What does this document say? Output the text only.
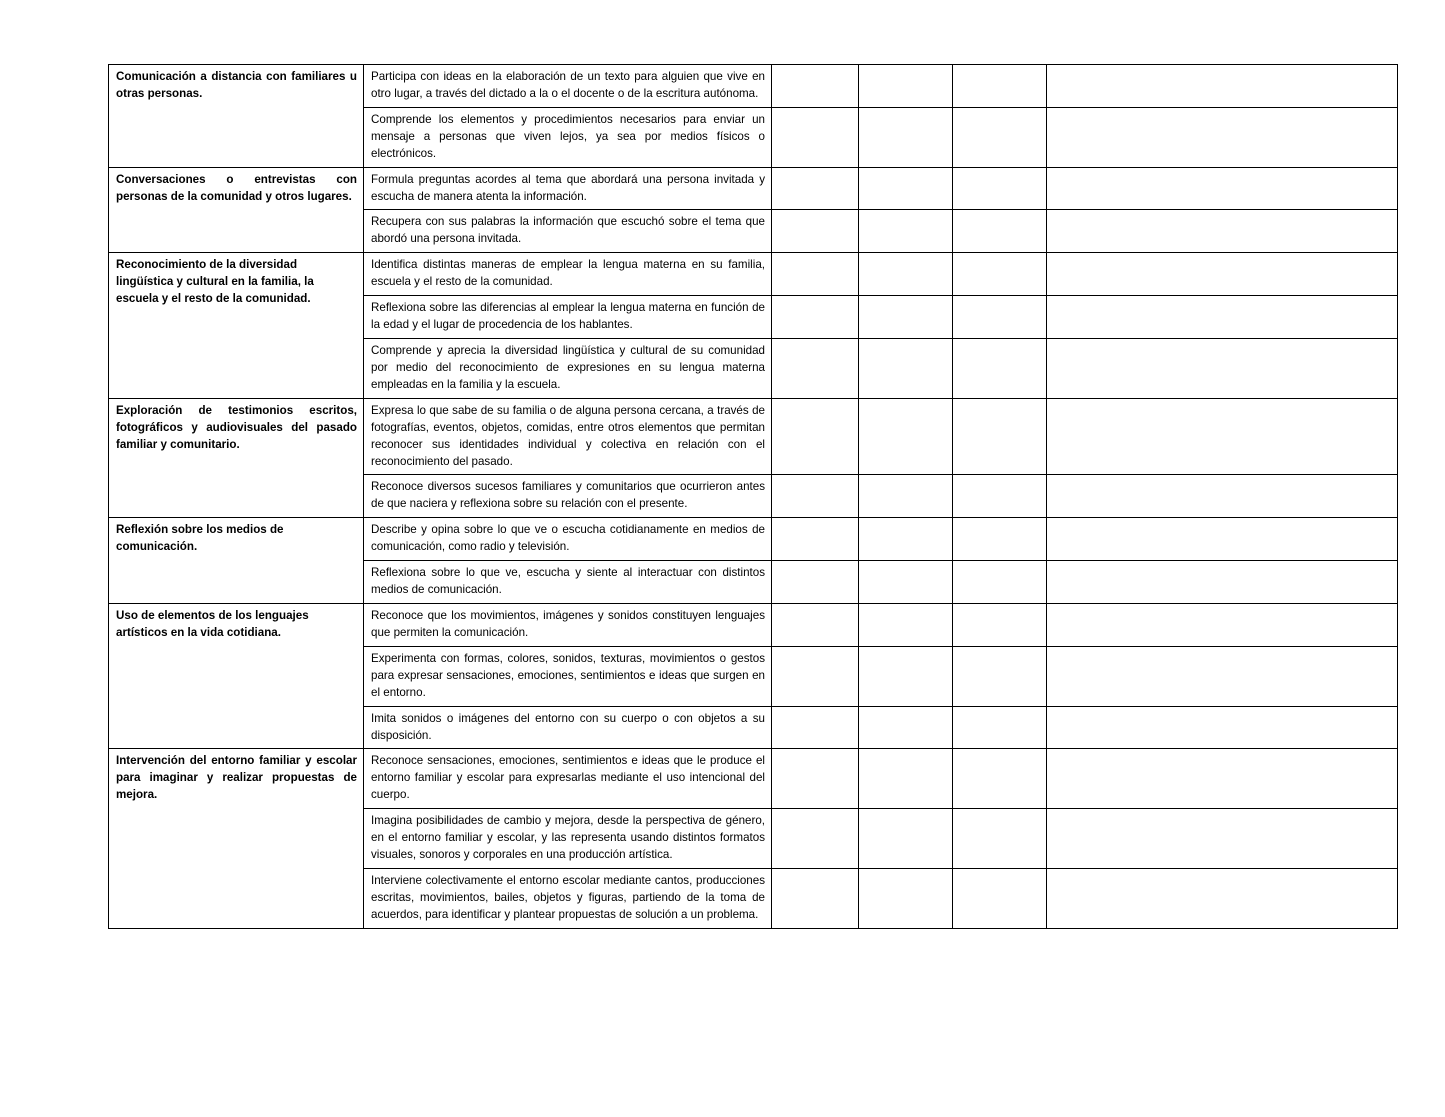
Comunicación a distancia con familiares u otras personas.	Participa con ideas en la elaboración de un texto para alguien que vive en otro lugar, a través del dictado a la o el docente o de la escritura autónoma.				
	Comprende los elementos y procedimientos necesarios para enviar un mensaje a personas que viven lejos, ya sea por medios físicos o electrónicos.				
Conversaciones o entrevistas con personas de la comunidad y otros lugares.	Formula preguntas acordes al tema que abordará una persona invitada y escucha de manera atenta la información.				
	Recupera con sus palabras la información que escuchó sobre el tema que abordó una persona invitada.				
Reconocimiento de la diversidad lingüística y cultural en la familia, la escuela y el resto de la comunidad.	Identifica distintas maneras de emplear la lengua materna en su familia, escuela y el resto de la comunidad.				
	Reflexiona sobre las diferencias al emplear la lengua materna en función de la edad y el lugar de procedencia de los hablantes.				
	Comprende y aprecia la diversidad lingüística y cultural de su comunidad por medio del reconocimiento de expresiones en su lengua materna empleadas en la familia y la escuela.				
Exploración de testimonios escritos, fotográficos y audiovisuales del pasado familiar y comunitario.	Expresa lo que sabe de su familia o de alguna persona cercana, a través de fotografías, eventos, objetos, comidas, entre otros elementos que permitan reconocer sus identidades individual y colectiva en relación con el reconocimiento del pasado.				
	Reconoce diversos sucesos familiares y comunitarios que ocurrieron antes de que naciera y reflexiona sobre su relación con el presente.				
Reflexión sobre los medios de comunicación.	Describe y opina sobre lo que ve o escucha cotidianamente en medios de comunicación, como radio y televisión.				
	Reflexiona sobre lo que ve, escucha y siente al interactuar con distintos medios de comunicación.				
Uso de elementos de los lenguajes artísticos en la vida cotidiana.	Reconoce que los movimientos, imágenes y sonidos constituyen lenguajes que permiten la comunicación.				
	Experimenta con formas, colores, sonidos, texturas, movimientos o gestos para expresar sensaciones, emociones, sentimientos e ideas que surgen en el entorno.				
	Imita sonidos o imágenes del entorno con su cuerpo o con objetos a su disposición.				
Intervención del entorno familiar y escolar para imaginar y realizar propuestas de mejora.	Reconoce sensaciones, emociones, sentimientos e ideas que le produce el entorno familiar y escolar para expresarlas mediante el uso intencional del cuerpo.				
	Imagina posibilidades de cambio y mejora, desde la perspectiva de género, en el entorno familiar y escolar, y las representa usando distintos formatos visuales, sonoros y corporales en una producción artística.				
	Interviene colectivamente el entorno escolar mediante cantos, producciones escritas, movimientos, bailes, objetos y figuras, partiendo de la toma de acuerdos, para identificar y plantear propuestas de solución a un problema.				
